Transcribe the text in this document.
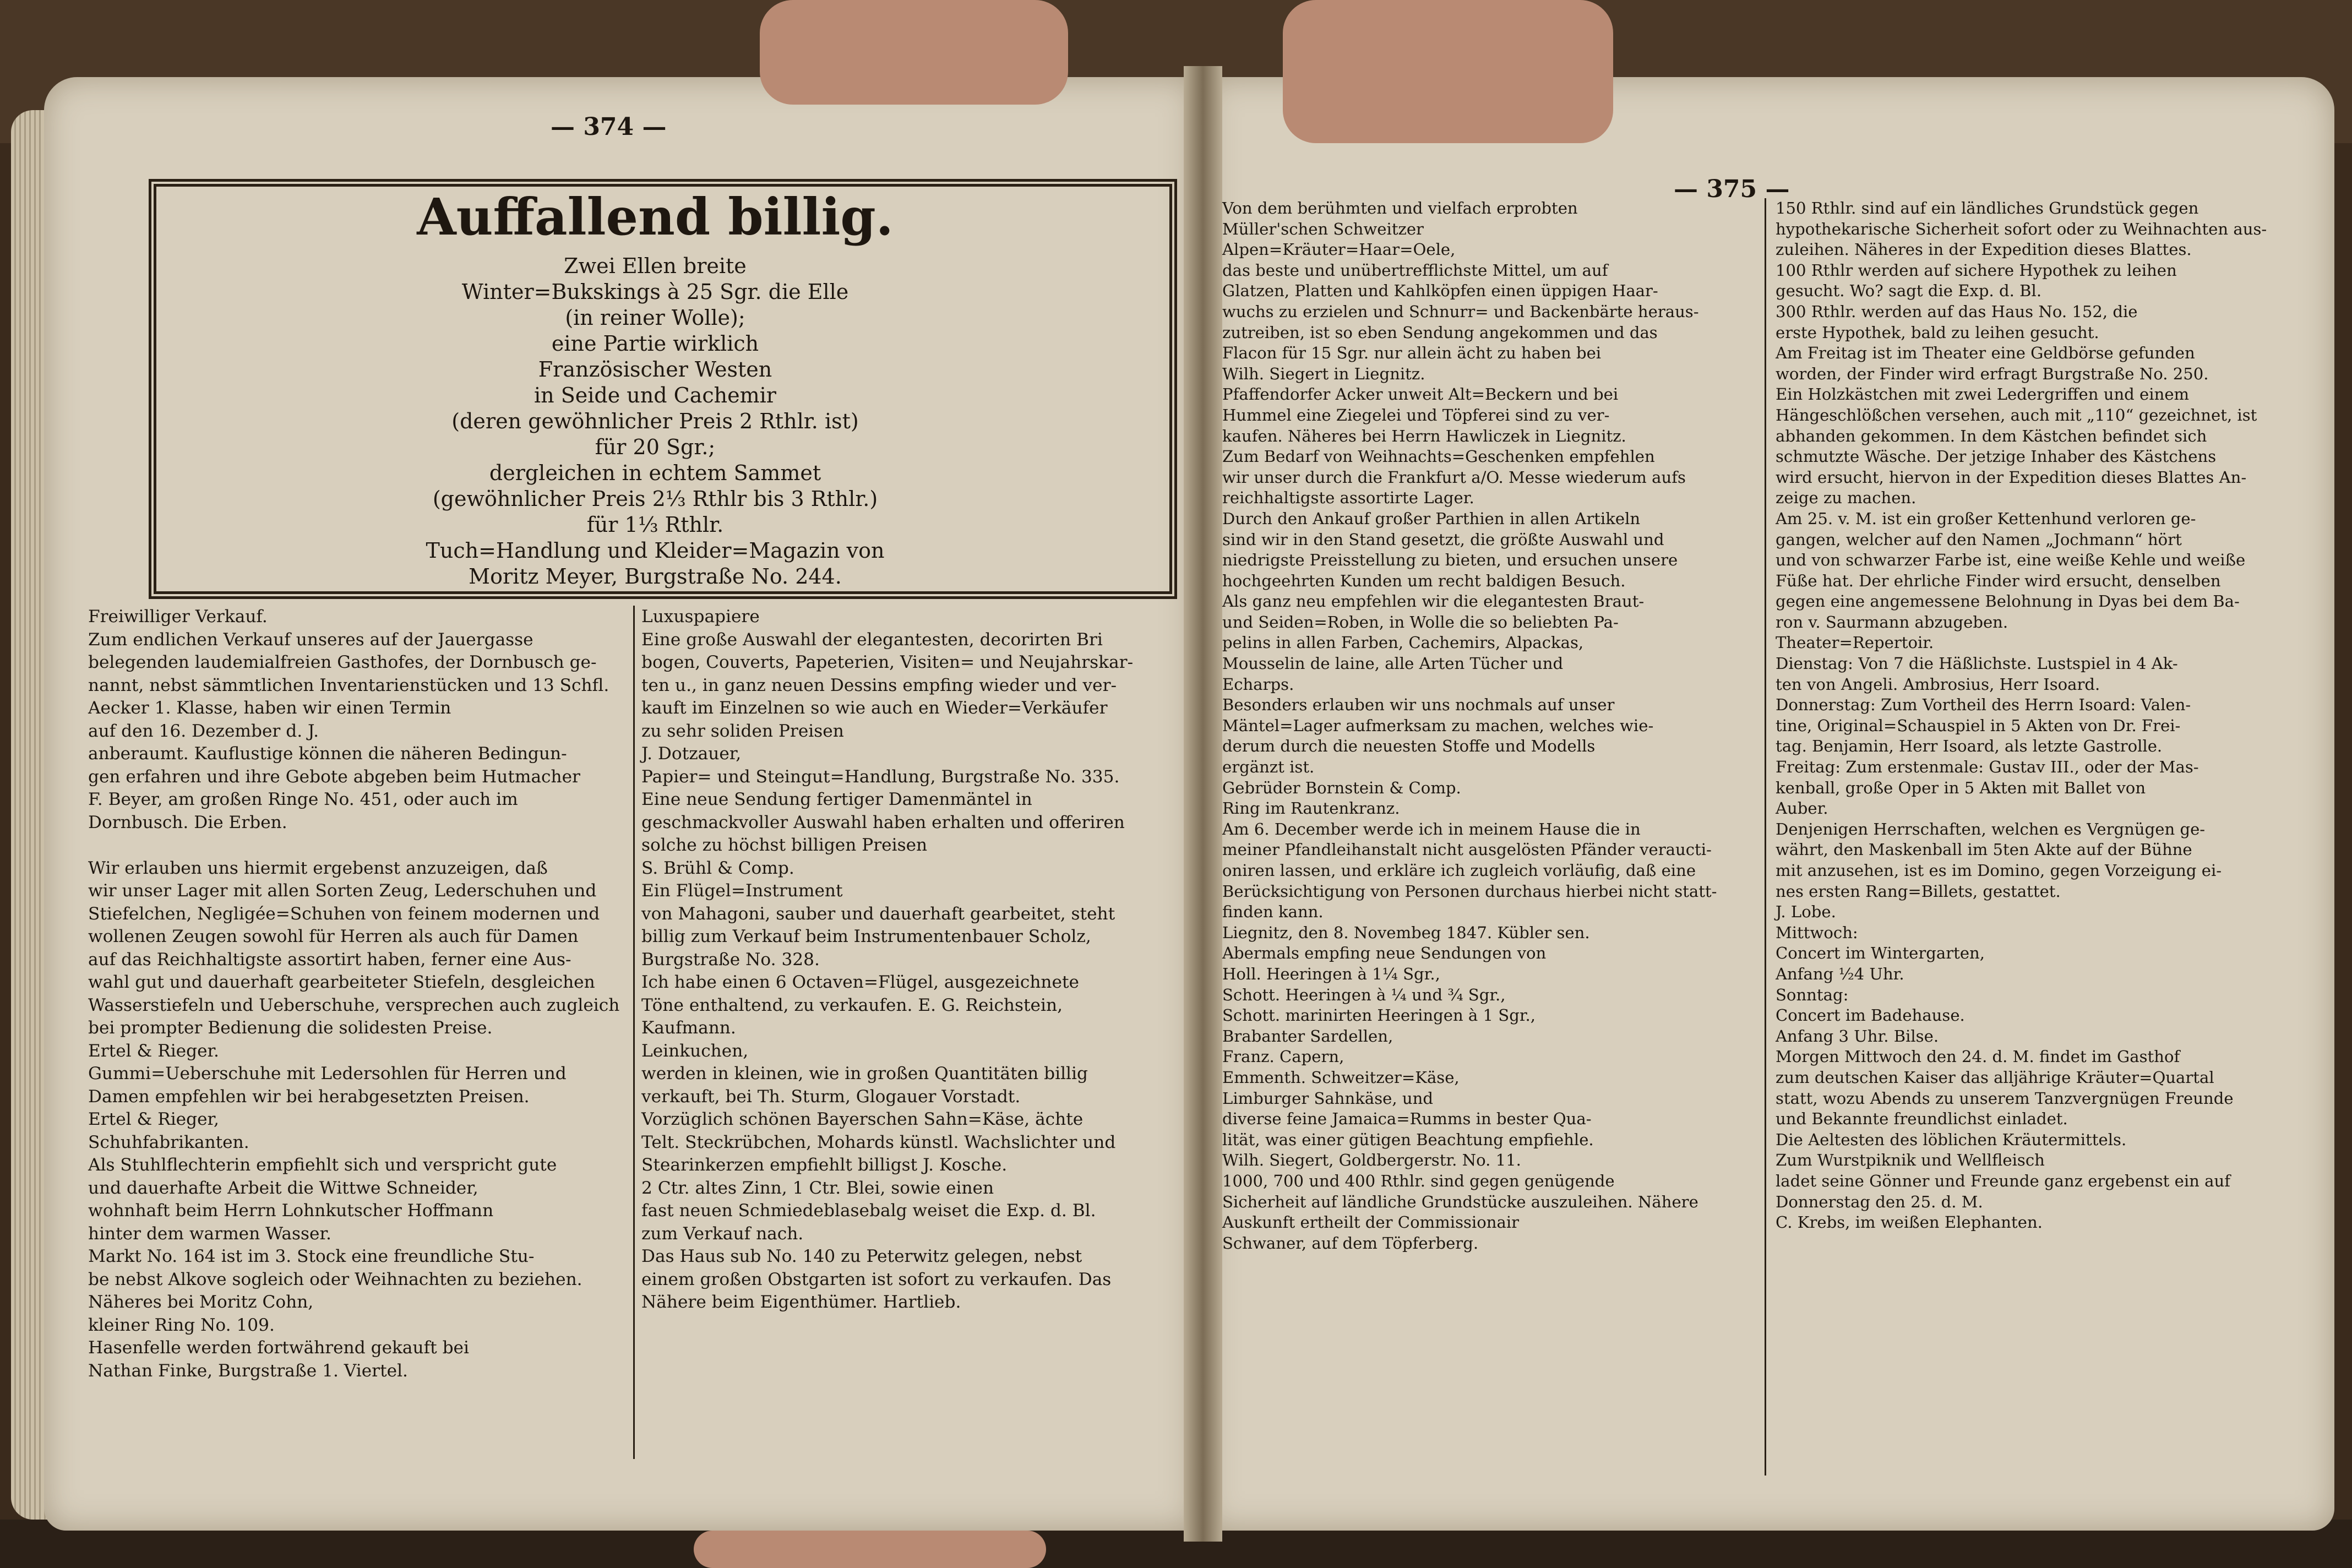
— 374 —
Auffallend billig.
Zwei Ellen breite
Winter=Bukskings à 25 Sgr. die Elle
(in reiner Wolle);
eine Partie wirklich
Französischer Westen
in Seide und Cachemir
(deren gewöhnlicher Preis 2 Rthlr. ist)
für 20 Sgr.;
dergleichen in echtem Sammet
(gewöhnlicher Preis 2⅓ Rthlr bis 3 Rthlr.)
für 1⅓ Rthlr.
Tuch=Handlung und Kleider=Magazin von
Moritz Meyer, Burgstraße No. 244.
Freiwilliger Verkauf.
Zum endlichen Verkauf unseres auf der Jauergasse
belegenden laudemialfreien Gasthofes, der Dornbusch ge-
nannt, nebst sämmtlichen Inventarienstücken und 13 Schfl.
Aecker 1. Klasse, haben wir einen Termin
auf den 16. Dezember d. J.
anberaumt. Kauflustige können die näheren Bedingun-
gen erfahren und ihre Gebote abgeben beim Hutmacher
F. Beyer, am großen Ringe No. 451, oder auch im
Dornbusch. Die Erben.

Wir erlauben uns hiermit ergebenst anzuzeigen, daß
wir unser Lager mit allen Sorten Zeug, Lederschuhen und
Stiefelchen, Negligée=Schuhen von feinem modernen und
wollenen Zeugen sowohl für Herren als auch für Damen
auf das Reichhaltigste assortirt haben, ferner eine Aus-
wahl gut und dauerhaft gearbeiteter Stiefeln, desgleichen
Wasserstiefeln und Ueberschuhe, versprechen auch zugleich
bei prompter Bedienung die solidesten Preise.
Ertel & Rieger.
Gummi=Ueberschuhe mit Ledersohlen für Herren und
Damen empfehlen wir bei herabgesetzten Preisen.
Ertel & Rieger,
Schuhfabrikanten.
Als Stuhlflechterin empfiehlt sich und verspricht gute
und dauerhafte Arbeit die Wittwe Schneider,
wohnhaft beim Herrn Lohnkutscher Hoffmann
hinter dem warmen Wasser.
Markt No. 164 ist im 3. Stock eine freundliche Stu-
be nebst Alkove sogleich oder Weihnachten zu beziehen.
Näheres bei Moritz Cohn,
kleiner Ring No. 109.
Hasenfelle werden fortwährend gekauft bei
Nathan Finke, Burgstraße 1. Viertel.
Luxuspapiere
Eine große Auswahl der elegantesten, decorirten Bri
bogen, Couverts, Papeterien, Visiten= und Neujahrskar-
ten u., in ganz neuen Dessins empfing wieder und ver-
kauft im Einzelnen so wie auch en Wieder=Verkäufer
zu sehr soliden Preisen
J. Dotzauer,
Papier= und Steingut=Handlung, Burgstraße No. 335.
Eine neue Sendung fertiger Damenmäntel in
geschmackvoller Auswahl haben erhalten und offeriren
solche zu höchst billigen Preisen
S. Brühl & Comp.
Ein Flügel=Instrument
von Mahagoni, sauber und dauerhaft gearbeitet, steht
billig zum Verkauf beim Instrumentenbauer Scholz,
Burgstraße No. 328.
Ich habe einen 6 Octaven=Flügel, ausgezeichnete
Töne enthaltend, zu verkaufen. E. G. Reichstein,
Kaufmann.
Leinkuchen,
werden in kleinen, wie in großen Quantitäten billig
verkauft, bei Th. Sturm, Glogauer Vorstadt.
Vorzüglich schönen Bayerschen Sahn=Käse, ächte
Telt. Steckrübchen, Mohards künstl. Wachslichter und
Stearinkerzen empfiehlt billigst J. Kosche.
2 Ctr. altes Zinn, 1 Ctr. Blei, sowie einen
fast neuen Schmiedeblasebalg weiset die Exp. d. Bl.
zum Verkauf nach.
Das Haus sub No. 140 zu Peterwitz gelegen, nebst
einem großen Obstgarten ist sofort zu verkaufen. Das
Nähere beim Eigenthümer. Hartlieb.
— 375 —
Von dem berühmten und vielfach erprobten
Müller'schen Schweitzer
Alpen=Kräuter=Haar=Oele,
das beste und unübertrefflichste Mittel, um auf
Glatzen, Platten und Kahlköpfen einen üppigen Haar-
wuchs zu erzielen und Schnurr= und Backenbärte heraus-
zutreiben, ist so eben Sendung angekommen und das
Flacon für 15 Sgr. nur allein ächt zu haben bei
Wilh. Siegert in Liegnitz.
Pfaffendorfer Acker unweit Alt=Beckern und bei
Hummel eine Ziegelei und Töpferei sind zu ver-
kaufen. Näheres bei Herrn Hawliczek in Liegnitz.
Zum Bedarf von Weihnachts=Geschenken empfehlen
wir unser durch die Frankfurt a/O. Messe wiederum aufs
reichhaltigste assortirte Lager.
Durch den Ankauf großer Parthien in allen Artikeln
sind wir in den Stand gesetzt, die größte Auswahl und
niedrigste Preisstellung zu bieten, und ersuchen unsere
hochgeehrten Kunden um recht baldigen Besuch.
Als ganz neu empfehlen wir die elegantesten Braut-
und Seiden=Roben, in Wolle die so beliebten Pa-
pelins in allen Farben, Cachemirs, Alpackas,
Mousselin de laine, alle Arten Tücher und
Echarps.
Besonders erlauben wir uns nochmals auf unser
Mäntel=Lager aufmerksam zu machen, welches wie-
derum durch die neuesten Stoffe und Modells
ergänzt ist.
Gebrüder Bornstein & Comp.
Ring im Rautenkranz.
Am 6. December werde ich in meinem Hause die in
meiner Pfandleihanstalt nicht ausgelösten Pfänder veraucti-
oniren lassen, und erkläre ich zugleich vorläufig, daß eine
Berücksichtigung von Personen durchaus hierbei nicht statt-
finden kann.
Liegnitz, den 8. Novembeg 1847. Kübler sen.
Abermals empfing neue Sendungen von
Holl. Heeringen à 1¼ Sgr.,
Schott. Heeringen à ¼ und ¾ Sgr.,
Schott. marinirten Heeringen à 1 Sgr.,
Brabanter Sardellen,
Franz. Capern,
Emmenth. Schweitzer=Käse,
Limburger Sahnkäse, und
diverse feine Jamaica=Rumms in bester Qua-
lität, was einer gütigen Beachtung empfiehle.
Wilh. Siegert, Goldbergerstr. No. 11.
1000, 700 und 400 Rthlr. sind gegen genügende
Sicherheit auf ländliche Grundstücke auszuleihen. Nähere
Auskunft ertheilt der Commissionair
Schwaner, auf dem Töpferberg.
150 Rthlr. sind auf ein ländliches Grundstück gegen
hypothekarische Sicherheit sofort oder zu Weihnachten aus-
zuleihen. Näheres in der Expedition dieses Blattes.
100 Rthlr werden auf sichere Hypothek zu leihen
gesucht. Wo? sagt die Exp. d. Bl.
300 Rthlr. werden auf das Haus No. 152, die
erste Hypothek, bald zu leihen gesucht.
Am Freitag ist im Theater eine Geldbörse gefunden
worden, der Finder wird erfragt Burgstraße No. 250.
Ein Holzkästchen mit zwei Ledergriffen und einem
Hängeschlößchen versehen, auch mit „110“ gezeichnet, ist
abhanden gekommen. In dem Kästchen befindet sich
schmutzte Wäsche. Der jetzige Inhaber des Kästchens
wird ersucht, hiervon in der Expedition dieses Blattes An-
zeige zu machen.
Am 25. v. M. ist ein großer Kettenhund verloren ge-
gangen, welcher auf den Namen „Jochmann“ hört
und von schwarzer Farbe ist, eine weiße Kehle und weiße
Füße hat. Der ehrliche Finder wird ersucht, denselben
gegen eine angemessene Belohnung in Dyas bei dem Ba-
ron v. Saurmann abzugeben.
Theater=Repertoir.
Dienstag: Von 7 die Häßlichste. Lustspiel in 4 Ak-
ten von Angeli. Ambrosius, Herr Isoard.
Donnerstag: Zum Vortheil des Herrn Isoard: Valen-
tine, Original=Schauspiel in 5 Akten von Dr. Frei-
tag. Benjamin, Herr Isoard, als letzte Gastrolle.
Freitag: Zum erstenmale: Gustav III., oder der Mas-
kenball, große Oper in 5 Akten mit Ballet von
Auber.
Denjenigen Herrschaften, welchen es Vergnügen ge-
währt, den Maskenball im 5ten Akte auf der Bühne
mit anzusehen, ist es im Domino, gegen Vorzeigung ei-
nes ersten Rang=Billets, gestattet.
J. Lobe.
Mittwoch:
Concert im Wintergarten,
Anfang ½4 Uhr.
Sonntag:
Concert im Badehause.
Anfang 3 Uhr. Bilse.
Morgen Mittwoch den 24. d. M. findet im Gasthof
zum deutschen Kaiser das alljährige Kräuter=Quartal
statt, wozu Abends zu unserem Tanzvergnügen Freunde
und Bekannte freundlichst einladet.
Die Aeltesten des löblichen Kräutermittels.
Zum Wurstpiknik und Wellfleisch
ladet seine Gönner und Freunde ganz ergebenst ein auf
Donnerstag den 25. d. M.
C. Krebs, im weißen Elephanten.
